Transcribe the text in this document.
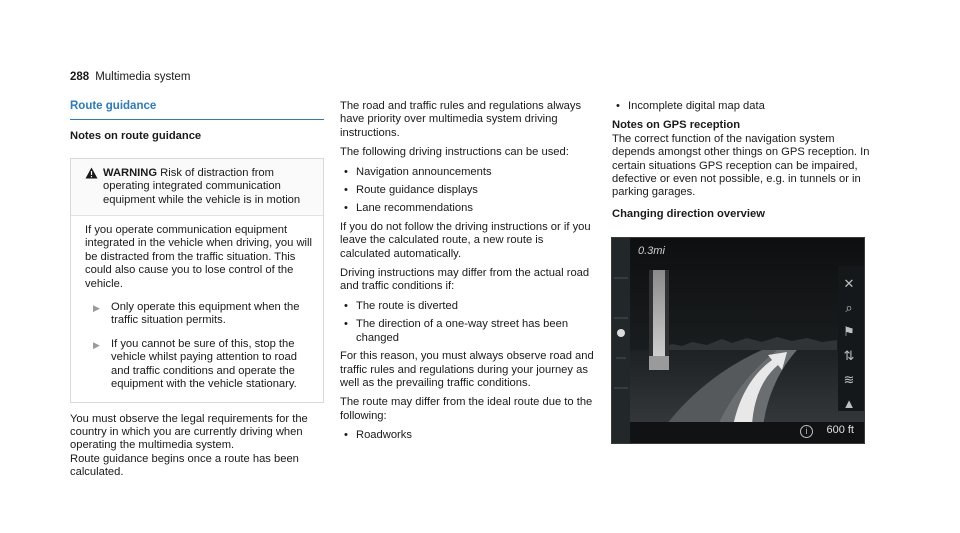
288 Multimedia system
Route guidance
Notes on route guidance
WARNING Risk of distraction from operating integrated communication equipment while the vehicle is in motion

If you operate communication equipment integrated in the vehicle when driving, you will be distracted from the traffic situation. This could also cause you to lose control of the vehicle.

▶ Only operate this equipment when the traffic situation permits.
▶ If you cannot be sure of this, stop the vehicle whilst paying attention to road and traffic conditions and operate the equipment with the vehicle stationary.

You must observe the legal requirements for the country in which you are currently driving when operating the multimedia system.

Route guidance begins once a route has been calculated.

The road and traffic rules and regulations always have priority over multimedia system driving instructions.

The following driving instructions can be used:

• Navigation announcements
• Route guidance displays
• Lane recommendations

If you do not follow the driving instructions or if you leave the calculated route, a new route is calculated automatically.

Driving instructions may differ from the actual road and traffic conditions if:

• The route is diverted
• The direction of a one-way street has been changed

For this reason, you must always observe road and traffic rules and regulations during your journey as well as the prevailing traffic conditions.

The route may differ from the ideal route due to the following:

• Roadworks
• Incomplete digital map data
Notes on GPS reception

The correct function of the navigation system depends amongst other things on GPS reception. In certain situations GPS reception can be impaired, defective or even not possible, e.g. in tunnels or in parking garages.

Changing direction overview
0.3mi
✕
⌕
⚑
⇅
≋
▲
i	600 ft
